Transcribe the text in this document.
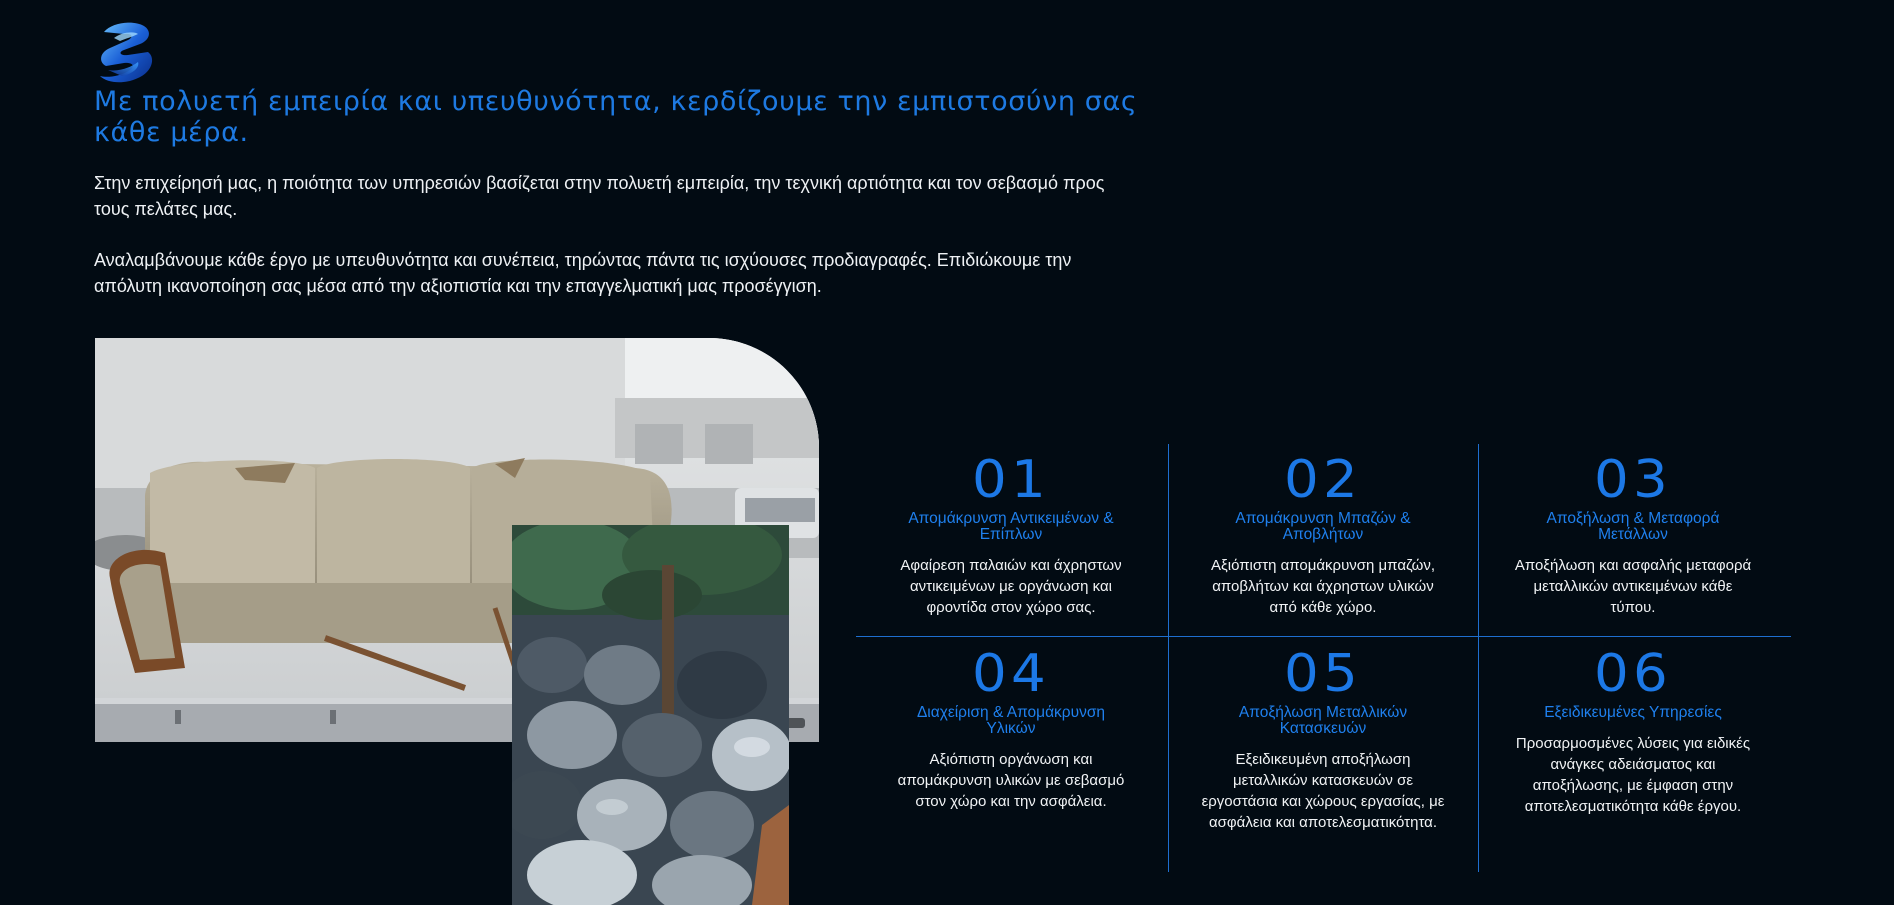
Με πολυετή εμπειρία και υπευθυνότητα, κερδίζουμε την εμπιστοσύνη σας κάθε μέρα.

Στην επιχείρησή μας, η ποιότητα των υπηρεσιών βασίζεται στην πολυετή εμπειρία, την τεχνική αρτιότητα και τον σεβασμό προς τους πελάτες μας.

Αναλαμβάνουμε κάθε έργο με υπευθυνότητα και συνέπεια, τηρώντας πάντα τις ισχύουσες προδιαγραφές. Επιδιώκουμε την απόλυτη ικανοποίηση σας μέσα από την αξιοπιστία και την επαγγελματική μας προσέγγιση.

01
Απομάκρυνση Αντικειμένων & Επίπλων
Αφαίρεση παλαιών και άχρηστων αντικειμένων με οργάνωση και φροντίδα στον χώρο σας.
02
Απομάκρυνση Μπαζών & Αποβλήτων
Αξιόπιστη απομάκρυνση μπαζών, αποβλήτων και άχρηστων υλικών από κάθε χώρο.
03
Αποξήλωση & Μεταφορά Μετάλλων
Αποξήλωση και ασφαλής μεταφορά μεταλλικών αντικειμένων κάθε τύπου.
04
Διαχείριση & Απομάκρυνση Υλικών
Αξιόπιστη οργάνωση και απομάκρυνση υλικών με σεβασμό στον χώρο και την ασφάλεια.
05
Αποξήλωση Μεταλλικών Κατασκευών
Εξειδικευμένη αποξήλωση μεταλλικών κατασκευών σε εργοστάσια και χώρους εργασίας, με ασφάλεια και αποτελεσματικότητα.
06
Εξειδικευμένες Υπηρεσίες
Προσαρμοσμένες λύσεις για ειδικές ανάγκες αδειάσματος και αποξήλωσης, με έμφαση στην αποτελεσματικότητα κάθε έργου.
